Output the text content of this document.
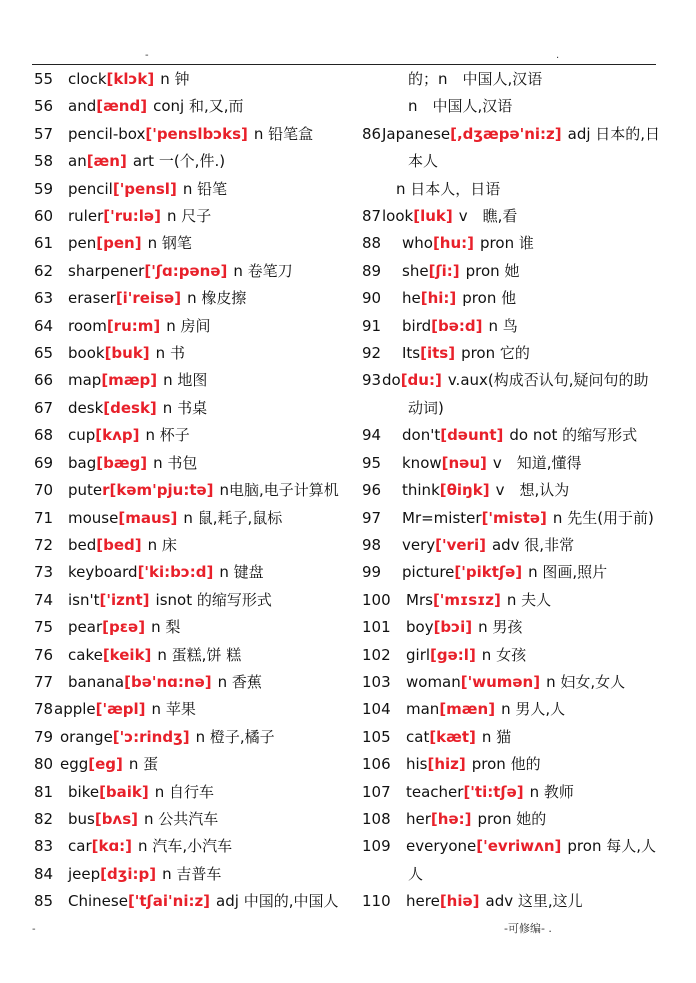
-	.
55 clock[klɔk] n 钟
56 and[ænd] conj 和,又,而
57 pencil-box['penslbɔks] n 铅笔盒
58 an[æn] art 一(个,件.)
59 pencil['pensl] n 铅笔
60 ruler['ru:lə] n 尺子
61 pen[pen] n 钢笔
62 sharpener['ʃɑ:pənə] n 卷笔刀
63 eraser[i'reisə] n 橡皮擦
64 room[ru:m] n 房间
65 book[buk] n 书
66 map[mæp] n 地图
67 desk[desk] n 书桌
68 cup[kʌp] n 杯子
69 bag[bæg] n 书包
70 puter[kəm'pju:tə] n电脑,电子计算机
71 mouse[maus] n 鼠,耗子,鼠标
72 bed[bed] n 床
73 keyboard['ki:bɔ:d] n 键盘
74 isn't['iznt] isnot 的缩写形式
75 pear[pεə] n 梨
76 cake[keik] n 蛋糕,饼 糕
77 banana[bə'nɑ:nə] n 香蕉
78apple['æpl] n 苹果
79 orange['ɔ:rindʒ] n 橙子,橘子
80 egg[eg] n 蛋
81 bike[baik] n 自行车
82 bus[bʌs] n 公共汽车
83 car[kɑ:] n 汽车,小汽车
84 jeep[dʒi:p] n 吉普车
85 Chinese['tʃai'ni:z] adj 中国的,中国人
的；n　中国人,汉语
n　中国人,汉语
86Japanese[,dʒæpə'ni:z] adj 日本的,日
本人
n 日本人，日语
87look[luk] v　瞧,看
88 who[hu:] pron 谁
89 she[ʃi:] pron 她
90 he[hi:] pron 他
91 bird[bə:d] n 鸟
92 Its[its] pron 它的
93do[du:] v.aux(构成否认句,疑问句的助
动词)
94 don't[dəunt] do not 的缩写形式
95 know[nəu] v　知道,懂得
96 think[θiŋk] v　想,认为
97 Mr=mister['mistə] n 先生(用于前)
98 very['veri] adv 很,非常
99 picture['piktʃə] n 图画,照片
100 Mrs['mɪsɪz] n 夫人
101 boy[bɔi] n 男孩
102 girl[gə:l] n 女孩
103 woman['wumən] n 妇女,女人
104 man[mæn] n 男人,人
105 cat[kæt] n 猫
106 his[hiz] pron 他的
107 teacher['ti:tʃə] n 教师
108 her[hə:] pron 她的
109 everyone['evriwʌn] pron 每人,人
人
110 here[hiə] adv 这里,这儿
-	-可修编- .
